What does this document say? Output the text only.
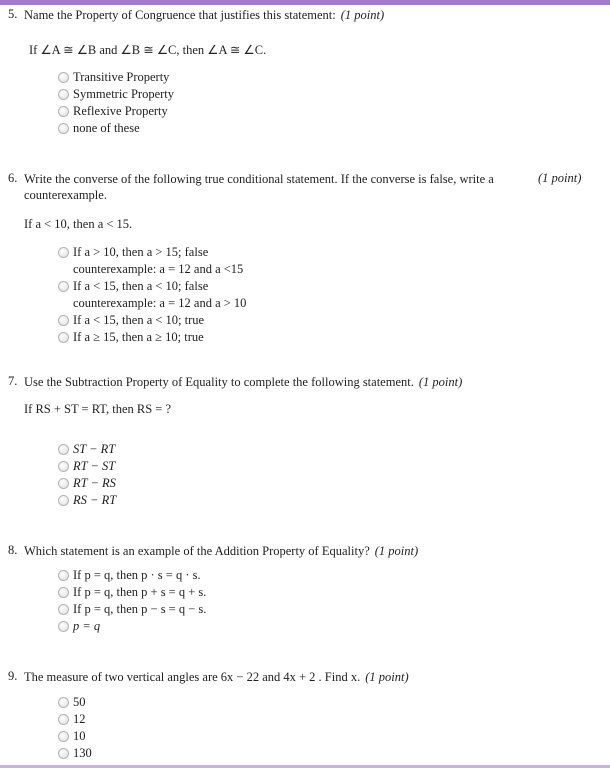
5. Name the Property of Congruence that justifies this statement: (1 point)
If ∠A ≅ ∠B and ∠B ≅ ∠C, then ∠A ≅ ∠C.
Transitive Property
Symmetric Property
Reflexive Property
none of these
6. Write the converse of the following true conditional statement. If the converse is false, write a counterexample.
(1 point)
If a < 10, then a < 15.
If a > 10, then a > 15; false
counterexample: a = 12 and a <15
If a < 15, then a < 10; false
counterexample: a = 12 and a > 10
If a < 15, then a < 10; true
If a ≥ 15, then a ≥ 10; true
7. Use the Subtraction Property of Equality to complete the following statement. (1 point)
If RS + ST = RT, then RS = ?
ST − RT
RT − ST
RT − RS
RS − RT
8. Which statement is an example of the Addition Property of Equality? (1 point)
If p = q, then p · s = q · s.
If p = q, then p + s = q + s.
If p = q, then p − s = q − s.
p = q
9. The measure of two vertical angles are 6x − 22 and 4x + 2 . Find x. (1 point)
50
12
10
130
